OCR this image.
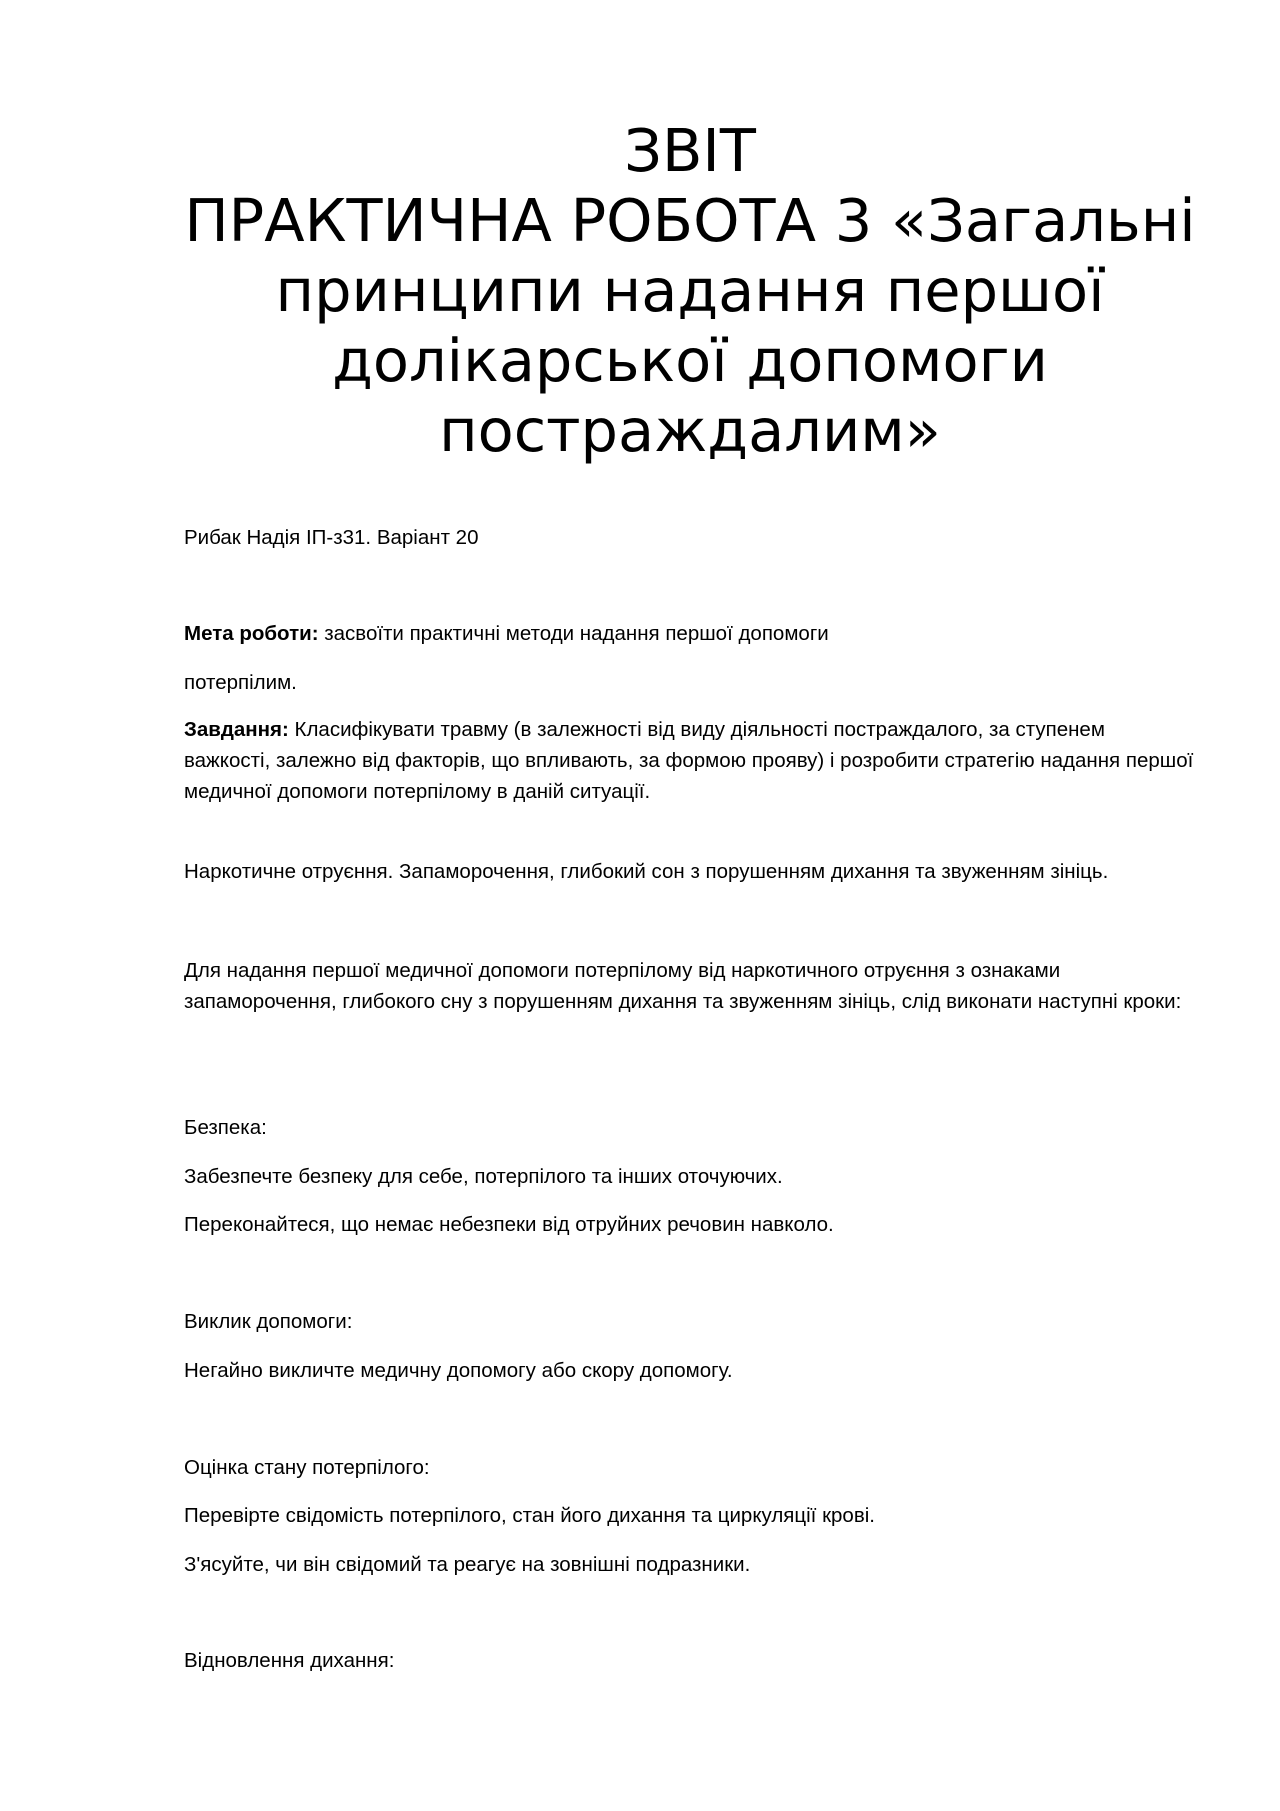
ЗВІТ
ПРАКТИЧНА РОБОТА 3 «Загальні
принципи надання першої
долікарської допомоги
постраждалим»

Рибак Надія ІП-з31. Варіант 20

Мета роботи: засвоїти практичні методи надання першої допомоги

потерпілим.

Завдання: Класифікувати травму (в залежності від виду діяльності постраждалого, за ступенем важкості, залежно від факторів, що впливають, за формою прояву) і розробити стратегію надання першої медичної допомоги потерпілому в даній ситуації.

Наркотичне отруєння. Запаморочення, глибокий сон з порушенням дихання та звуженням зініць.

Для надання першої медичної допомоги потерпілому від наркотичного отруєння з ознаками запаморочення, глибокого сну з порушенням дихання та звуженням зініць, слід виконати наступні кроки:

Безпека:

Забезпечте безпеку для себе, потерпілого та інших оточуючих.

Переконайтеся, що немає небезпеки від отруйних речовин навколо.

Виклик допомоги:

Негайно викличте медичну допомогу або скору допомогу.

Оцінка стану потерпілого:

Перевірте свідомість потерпілого, стан його дихання та циркуляції крові.

З'ясуйте, чи він свідомий та реагує на зовнішні подразники.

Відновлення дихання:
